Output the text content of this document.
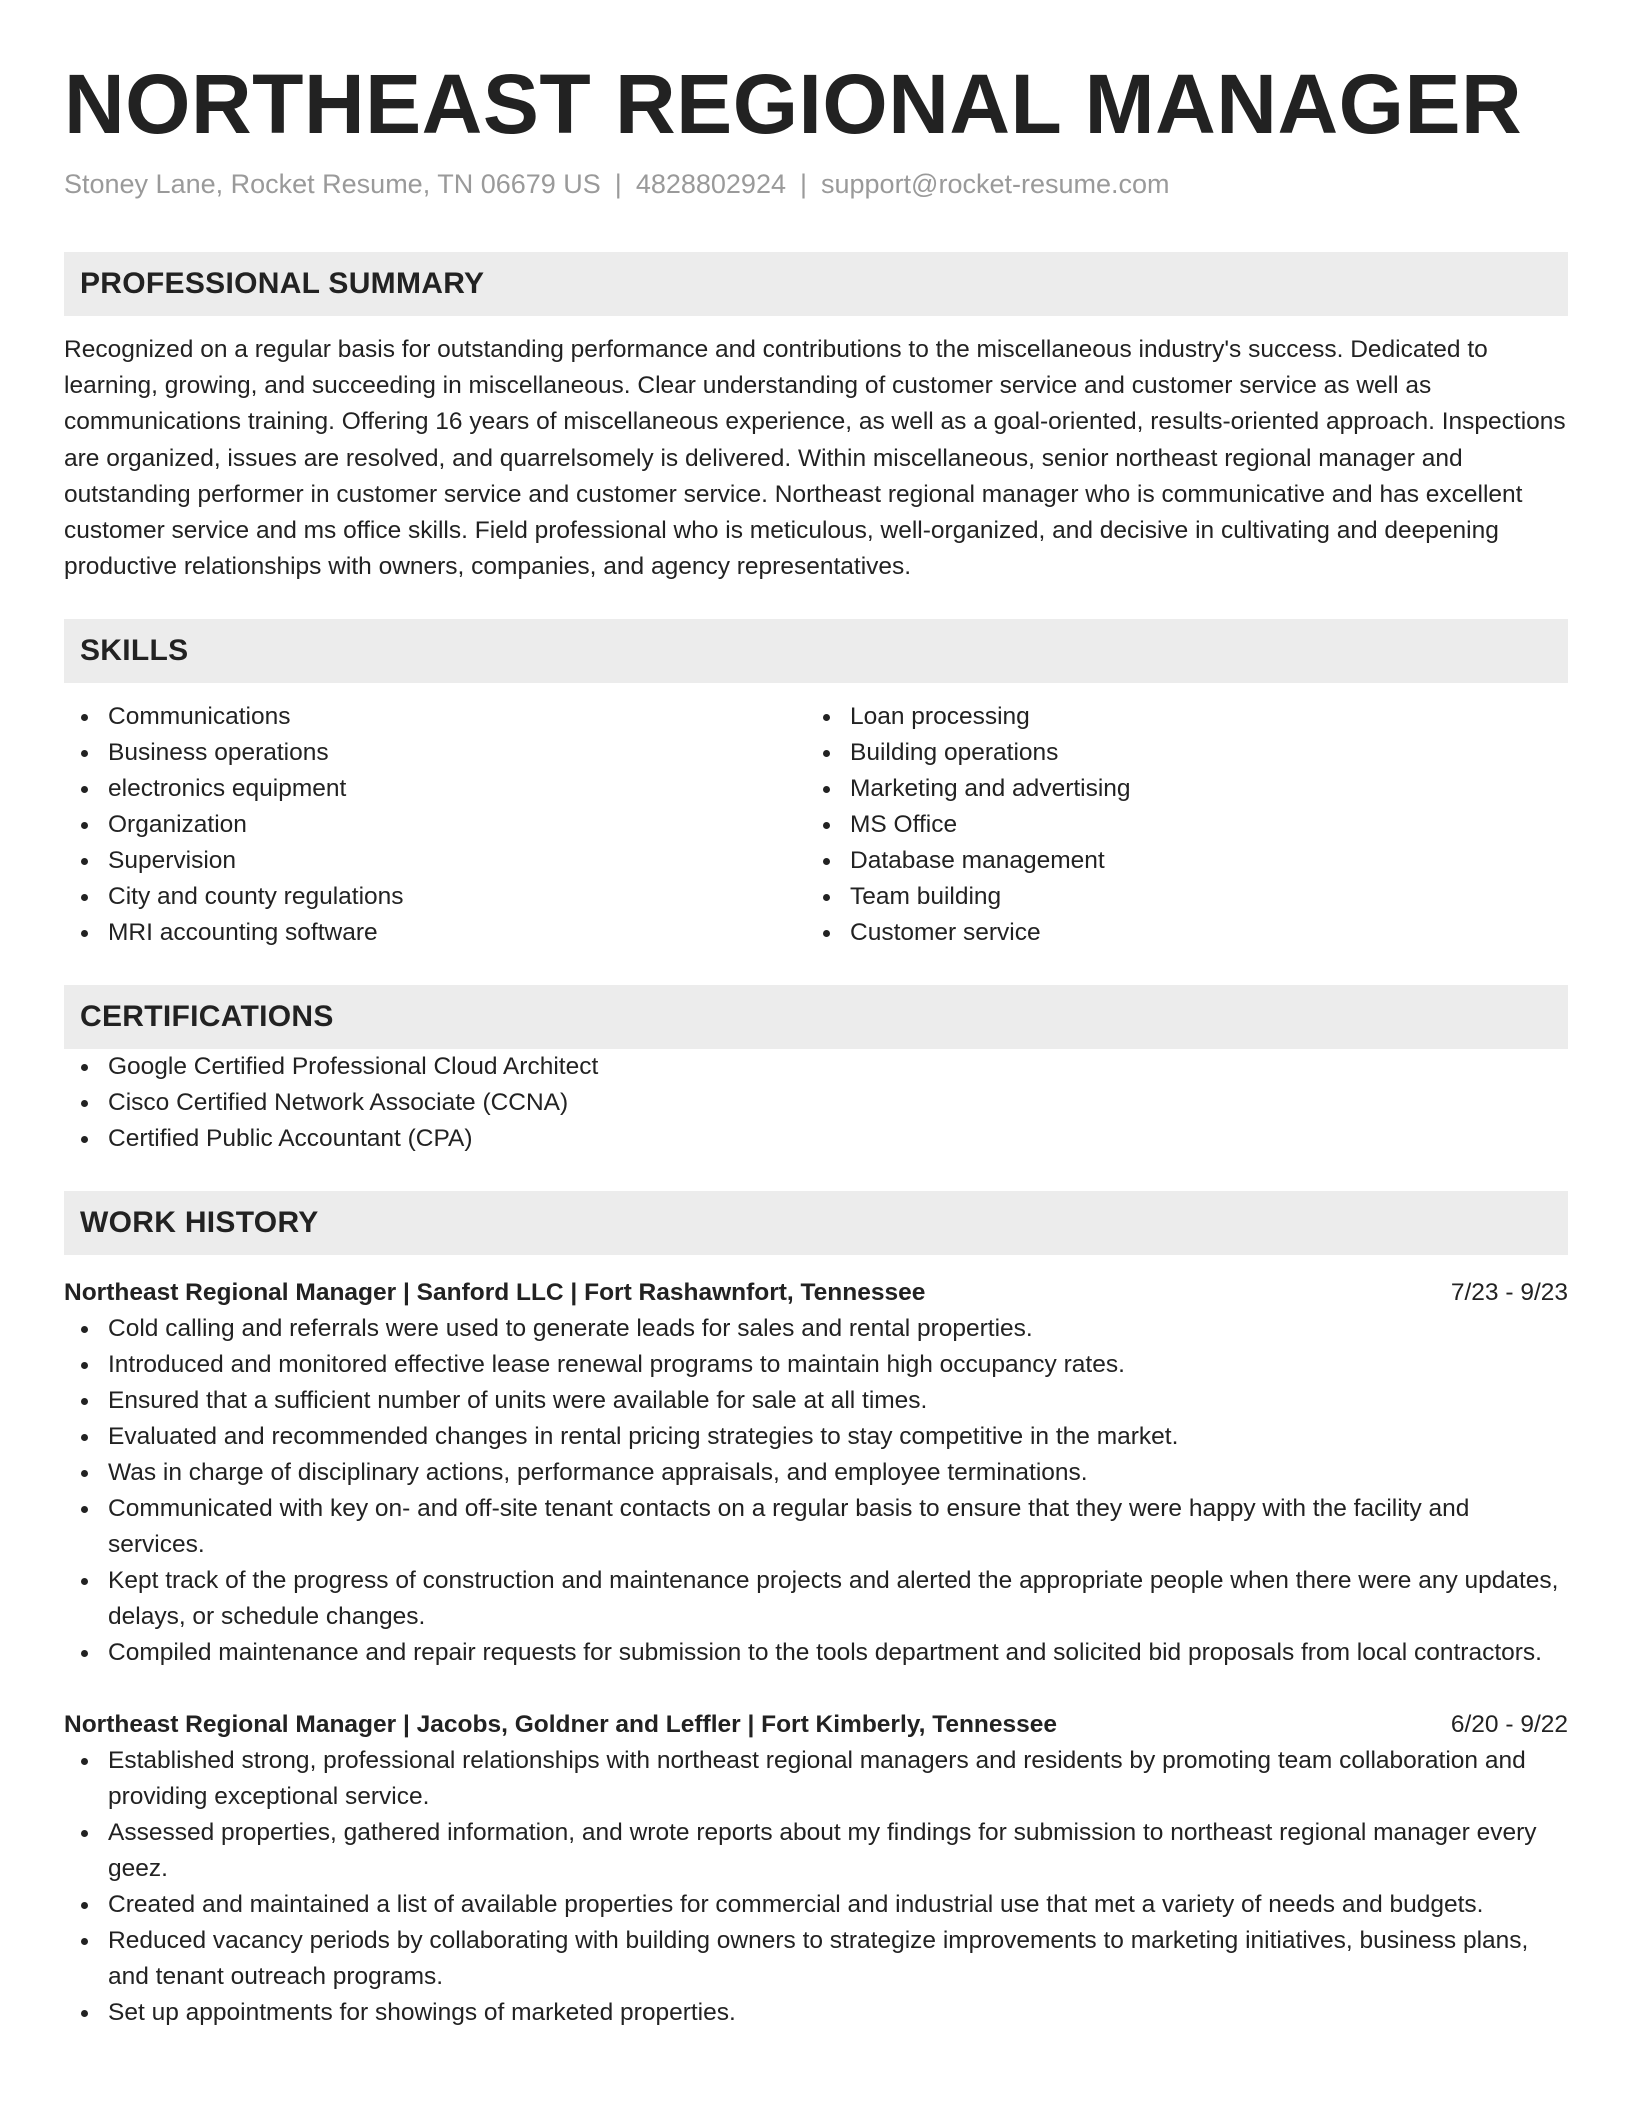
NORTHEAST REGIONAL MANAGER
Stoney Lane, Rocket Resume, TN 06679 US | 4828802924 | support@rocket-resume.com
PROFESSIONAL SUMMARY
Recognized on a regular basis for outstanding performance and contributions to the miscellaneous industry's success. Dedicated to learning, growing, and succeeding in miscellaneous. Clear understanding of customer service and customer service as well as communications training. Offering 16 years of miscellaneous experience, as well as a goal-oriented, results-oriented approach. Inspections are organized, issues are resolved, and quarrelsomely is delivered. Within miscellaneous, senior northeast regional manager and outstanding performer in customer service and customer service. Northeast regional manager who is communicative and has excellent customer service and ms office skills. Field professional who is meticulous, well-organized, and decisive in cultivating and deepening productive relationships with owners, companies, and agency representatives.
SKILLS
Communications
Business operations
electronics equipment
Organization
Supervision
City and county regulations
MRI accounting software
Loan processing
Building operations
Marketing and advertising
MS Office
Database management
Team building
Customer service
CERTIFICATIONS
Google Certified Professional Cloud Architect
Cisco Certified Network Associate (CCNA)
Certified Public Accountant (CPA)
WORK HISTORY
Northeast Regional Manager | Sanford LLC | Fort Rashawnfort, Tennessee	7/23 - 9/23
Cold calling and referrals were used to generate leads for sales and rental properties.
Introduced and monitored effective lease renewal programs to maintain high occupancy rates.
Ensured that a sufficient number of units were available for sale at all times.
Evaluated and recommended changes in rental pricing strategies to stay competitive in the market.
Was in charge of disciplinary actions, performance appraisals, and employee terminations.
Communicated with key on- and off-site tenant contacts on a regular basis to ensure that they were happy with the facility and services.
Kept track of the progress of construction and maintenance projects and alerted the appropriate people when there were any updates, delays, or schedule changes.
Compiled maintenance and repair requests for submission to the tools department and solicited bid proposals from local contractors.
Northeast Regional Manager | Jacobs, Goldner and Leffler | Fort Kimberly, Tennessee	6/20 - 9/22
Established strong, professional relationships with northeast regional managers and residents by promoting team collaboration and providing exceptional service.
Assessed properties, gathered information, and wrote reports about my findings for submission to northeast regional manager every geez.
Created and maintained a list of available properties for commercial and industrial use that met a variety of needs and budgets.
Reduced vacancy periods by collaborating with building owners to strategize improvements to marketing initiatives, business plans, and tenant outreach programs.
Set up appointments for showings of marketed properties.
